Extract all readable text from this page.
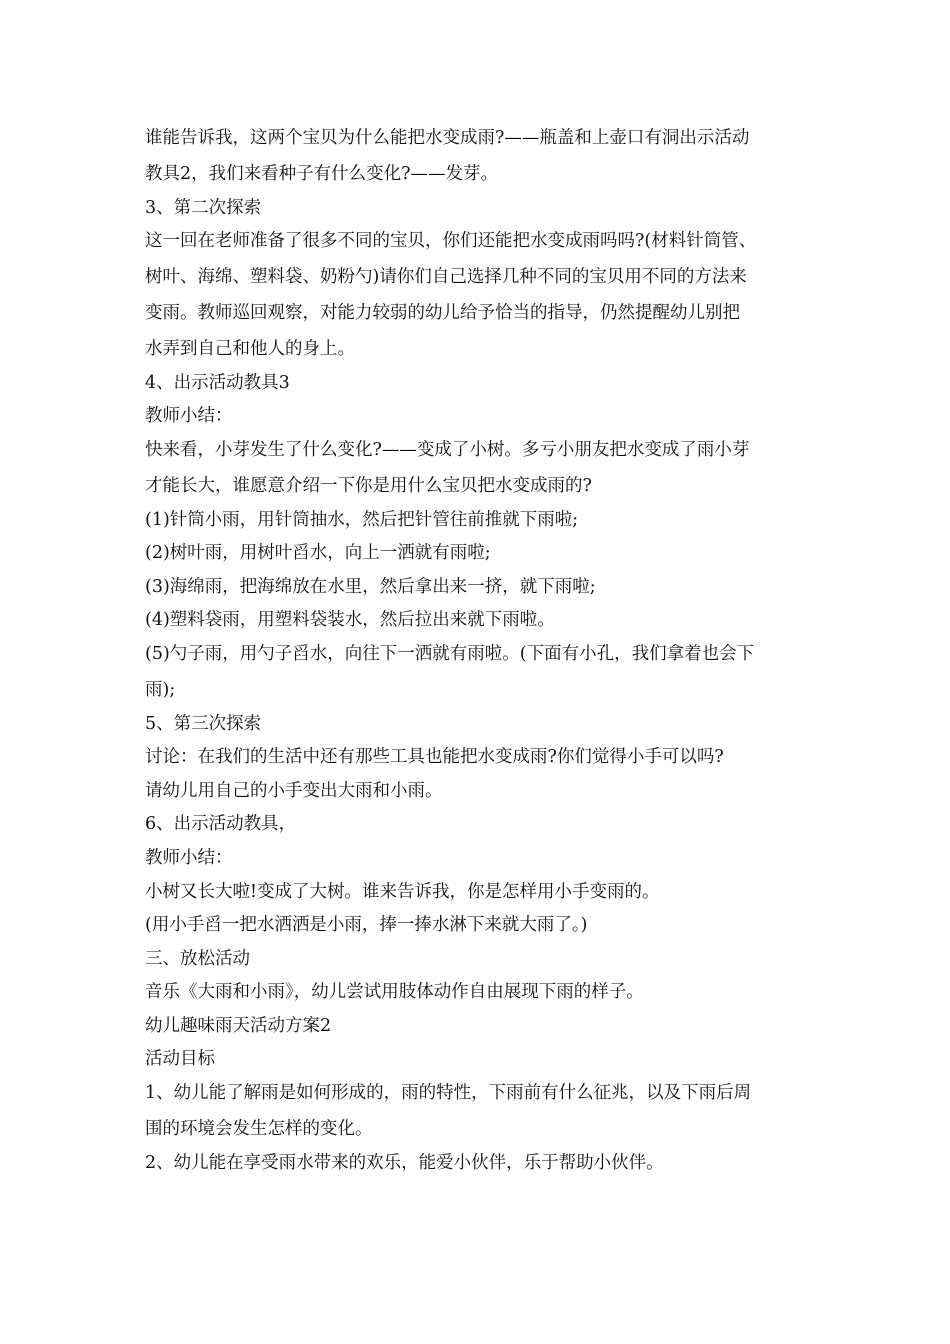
谁能告诉我，这两个宝贝为什么能把水变成雨?——瓶盖和上壶口有洞出示活动

教具2，我们来看种子有什么变化?——发芽。

3、第二次探索

这一回在老师准备了很多不同的宝贝，你们还能把水变成雨吗吗?(材料针筒管、

树叶、海绵、塑料袋、奶粉勺)请你们自己选择几种不同的宝贝用不同的方法来

变雨。教师巡回观察，对能力较弱的幼儿给予恰当的指导，仍然提醒幼儿别把

水弄到自己和他人的身上。

4、出示活动教具3

教师小结：

快来看，小芽发生了什么变化?——变成了小树。多亏小朋友把水变成了雨小芽

才能长大，谁愿意介绍一下你是用什么宝贝把水变成雨的?

(1)针筒小雨，用针筒抽水，然后把针管往前推就下雨啦;

(2)树叶雨，用树叶舀水，向上一洒就有雨啦;

(3)海绵雨，把海绵放在水里，然后拿出来一挤，就下雨啦;

(4)塑料袋雨，用塑料袋装水，然后拉出来就下雨啦。

(5)勺子雨，用勺子舀水，向往下一洒就有雨啦。(下面有小孔，我们拿着也会下

雨);

5、第三次探索

讨论：在我们的生活中还有那些工具也能把水变成雨?你们觉得小手可以吗?

请幼儿用自己的小手变出大雨和小雨。

6、出示活动教具，

教师小结：

小树又长大啦!变成了大树。谁来告诉我，你是怎样用小手变雨的。

(用小手舀一把水洒洒是小雨，捧一捧水淋下来就大雨了。)

三、放松活动

音乐《大雨和小雨》，幼儿尝试用肢体动作自由展现下雨的样子。

幼儿趣味雨天活动方案2

活动目标

1、幼儿能了解雨是如何形成的，雨的特性，下雨前有什么征兆，以及下雨后周

围的环境会发生怎样的变化。

2、幼儿能在享受雨水带来的欢乐，能爱小伙伴，乐于帮助小伙伴。
